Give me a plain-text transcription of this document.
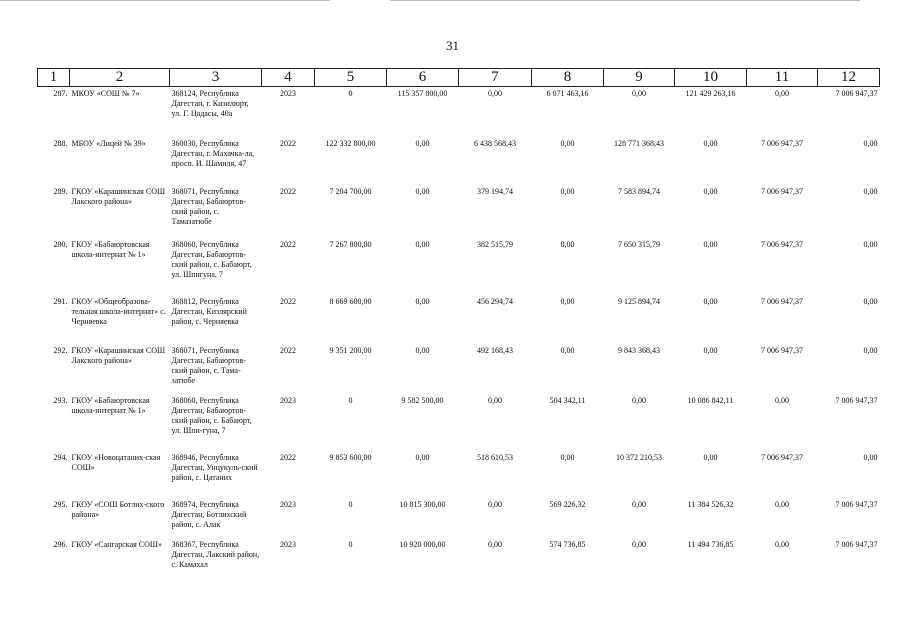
31
1	2	3	4	5	6	7	8	9	10	11	12
287.	МКОУ «СОШ № 7»	368124, Республика Дагестан, г. Кизилюрт, ул. Г. Цадасы, 40а	2023	0	115 357 800,00	0,00	6 071 463,16	0,00	121 429 263,16	0,00	7 006 947,37
288.	МБОУ «Лицей № 39»	360030, Республика Дагестан, г. Махачка-ла, просп. И. Шамиля, 47	2022	122 332 800,00	0,00	6 438 568,43	0,00	128 771 368,43	0,00	7 006 947,37	0,00
289.	ГКОУ «Карашинская СОШ Лакского района»	368071, Республика Дагестан, Бабаюртов-ский район, с. Тамазатюбе	2022	7 204 700,00	0,00	379 194,74	0,00	7 583 894,74	0,00	7 006 947,37	0,00
290.	ГКОУ «Бабаюртовская школа-интернат № 1»	368060, Республика Дагестан, Бабаюртов-ский район, с. Бабаюрт, ул. Шпигуна, 7	2022	7 267 800,00	0,00	382 515,79	0,00	7 650 315,79	0,00	7 006 947,37	0,00
291.	ГКОУ «Общеобразова-тельная школа-интернат» с. Черняевка	368812, Республика Дагестан, Кизлярский район, с. Черняевка	2022	8 669 600,00	0,00	456 294,74	0,00	9 125 894,74	0,00	7 006 947,37	0,00
292.	ГКОУ «Карашинская СОШ Лакского района»	368071, Республика Дагестан, Бабаюртов-ский район, с. Тама-затюбе	2022	9 351 200,00	0,00	492 168,43	0,00	9 843 368,43	0,00	7 006 947,37	0,00
293.	ГКОУ «Бабаюртовская школа-интернат № 1»	368060, Республика Дагестан, Бабаюртов-ский район, с. Бабаюрт, ул. Шпи-гуна, 7	2023	0	9 582 500,00	0,00	504 342,11	0,00	10 086 842,11	0,00	7 006 947,37
294.	ГКОУ «Новоцатаних-ская СОШ»	368946, Республика Дагестан, Унцукуль-ский район, с. Цатаних	2022	9 853 600,00	0,00	518 610,53	0,00	10 372 210,53	0,00	7 006 947,37	0,00
295.	ГКОУ «СОШ Ботлих-ского района»	368974, Республика Дагестан, Ботлихский район, с. Алак	2023	0	10 815 300,00	0,00	569 226,32	0,00	11 384 526,32	0,00	7 006 947,37
296.	ГКОУ «Сангарская СОШ»	368367, Республика Дагестан, Лакский район, с. Камахал	2023	0	10 920 000,00	0,00	574 736,85	0,00	11 494 736,85	0,00	7 006 947,37
